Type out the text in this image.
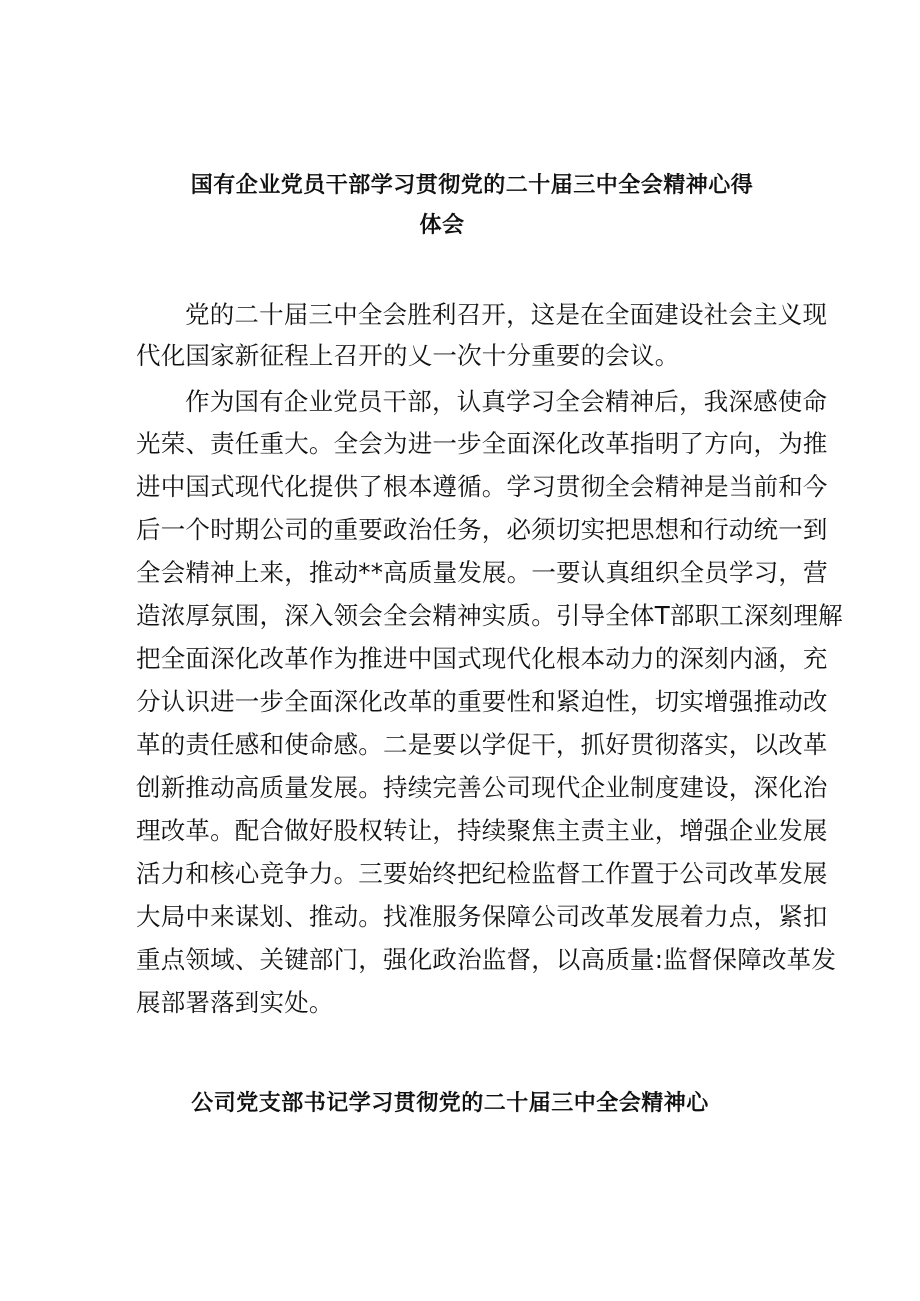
国有企业党员干部学习贯彻党的二十届三中全会精神心得
体会
党的二十届三中全会胜利召开，这是在全面建设社会主义现
代化国家新征程上召开的乂一次十分重要的会议。
作为国有企业党员干部，认真学习全会精神后，我深感使命
光荣、责任重大。全会为进一步全面深化改革指明了方向，为推
进中国式现代化提供了根本遵循。学习贯彻全会精神是当前和今
后一个时期公司的重要政治任务，必须切实把思想和行动统一到
全会精神上来，推动**高质量发展。一要认真组织全员学习，营
造浓厚氛围，深入领会全会精神实质。引导全体T部职工深刻理解
把全面深化改革作为推进中国式现代化根本动力的深刻内涵，充
分认识进一步全面深化改革的重要性和紧迫性，切实增强推动改
革的责任感和使命感。二是要以学促干，抓好贯彻落实，以改革
创新推动高质量发展。持续完善公司现代企业制度建设，深化治
理改革。配合做好股权转让，持续聚焦主责主业，增强企业发展
活力和核心竞争力。三要始终把纪检监督工作置于公司改革发展
大局中来谋划、推动。找准服务保障公司改革发展着力点，紧扣
重点领域、关键部门，强化政治监督，以高质量:监督保障改革发
展部署落到实处。
公司党支部书记学习贯彻党的二十届三中全会精神心
